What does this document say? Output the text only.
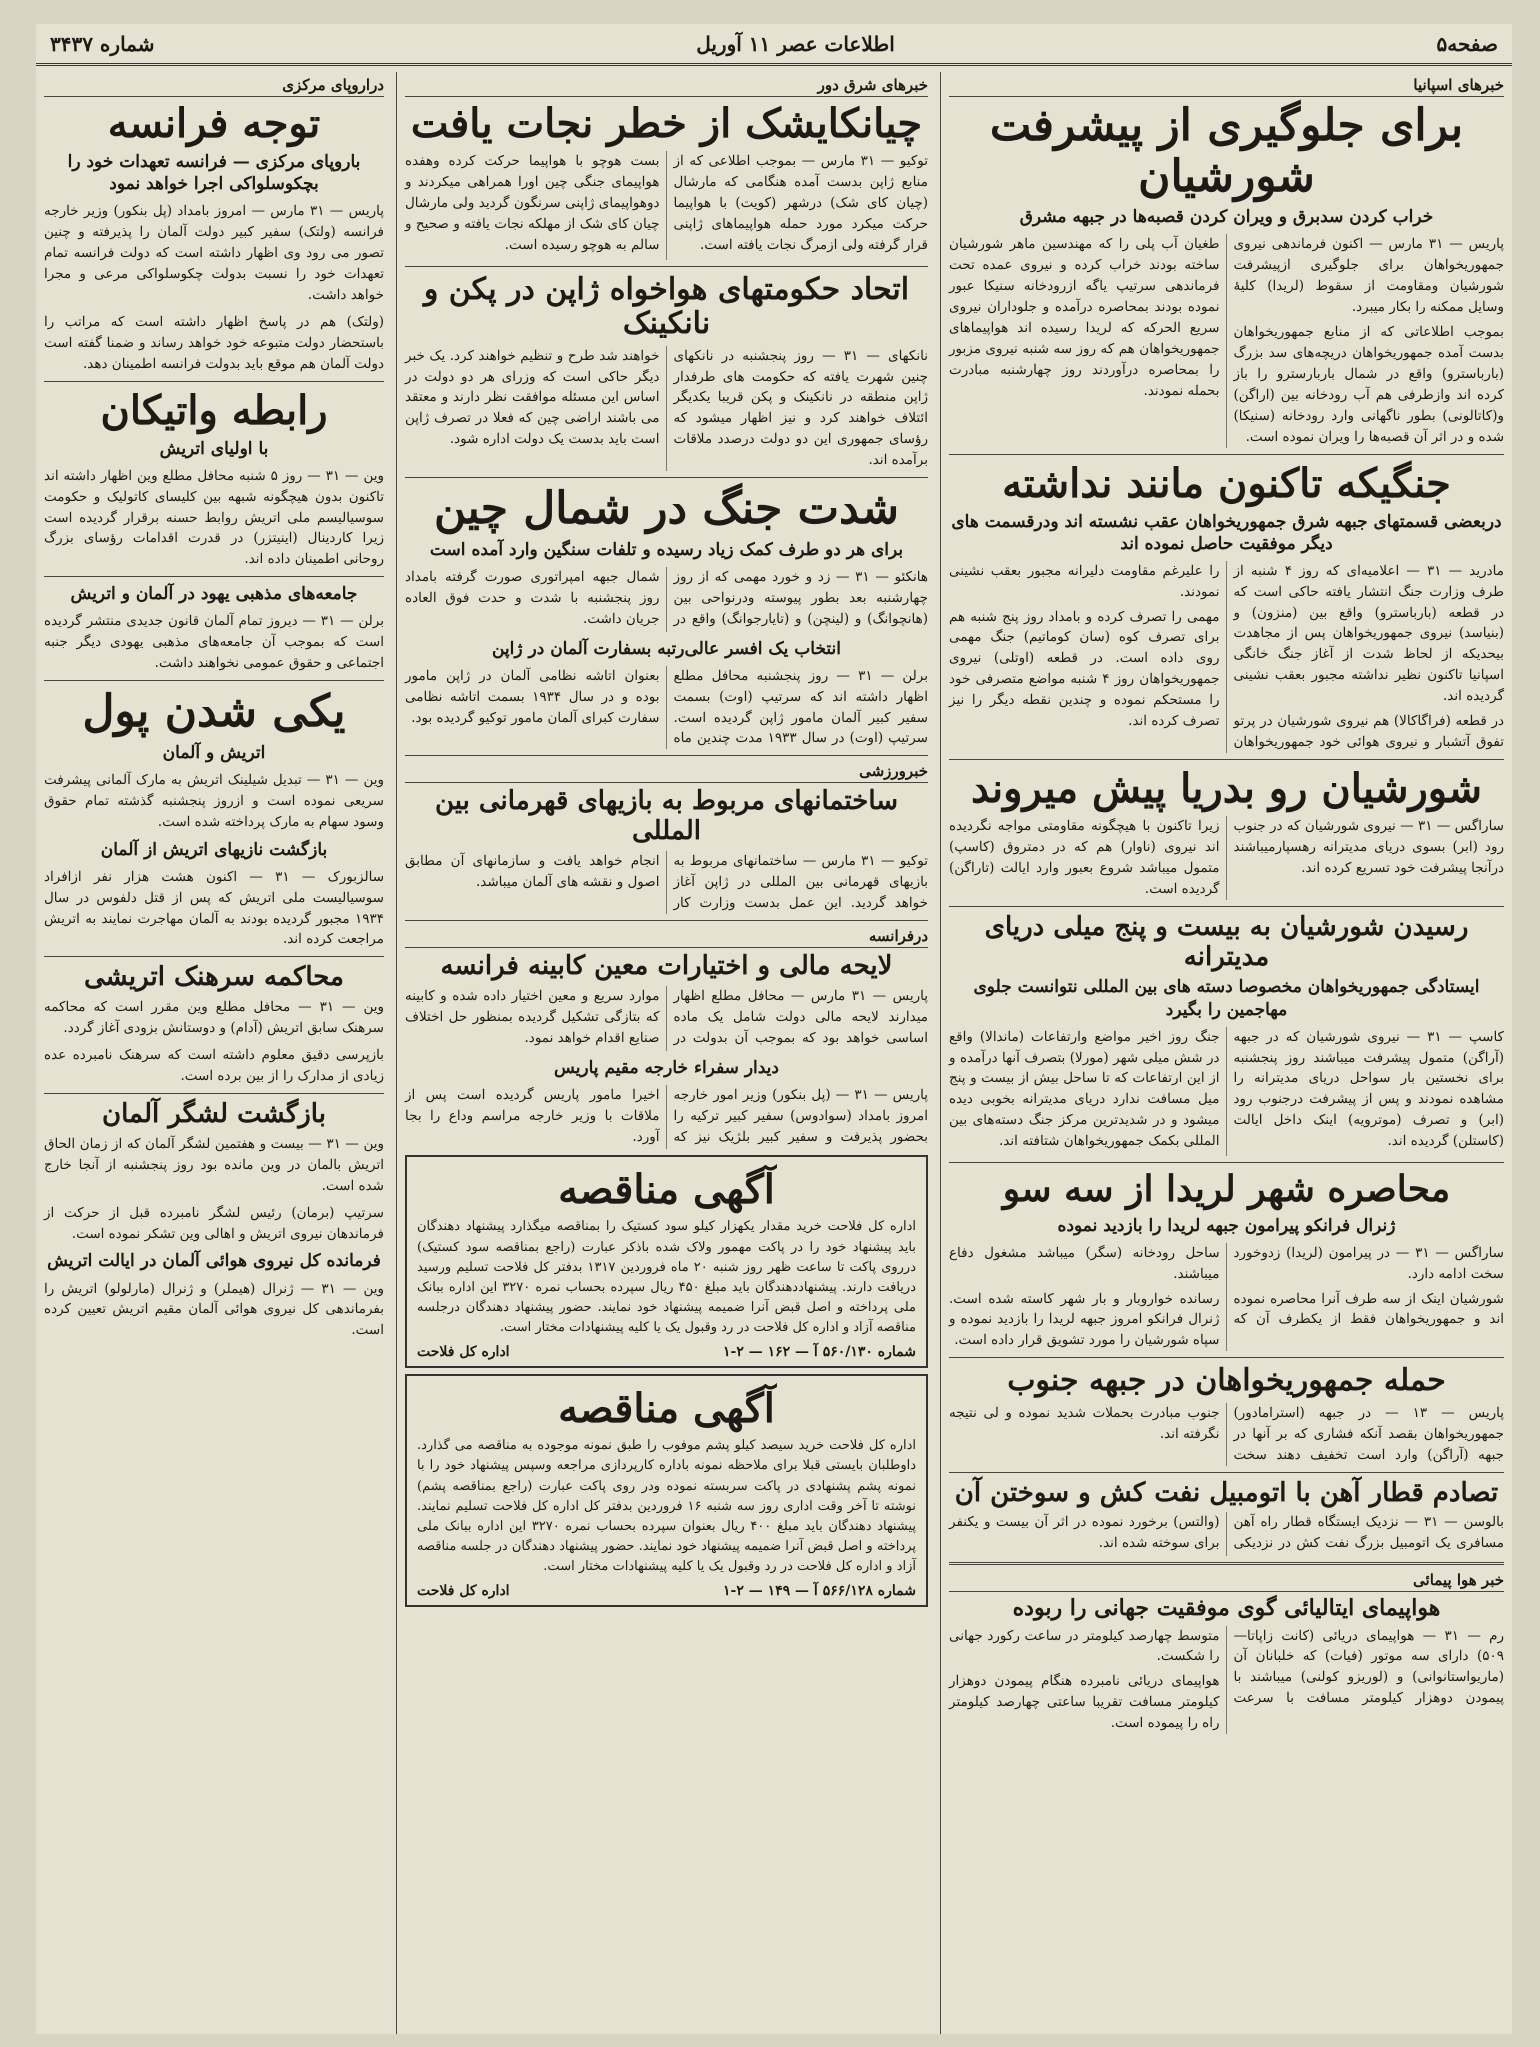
صفحه۵
اطلاعات عصر ۱۱ آوریل
شماره ۳۴۳۷
خبرهای اسپانیا
برای جلوگیری از پیشرفت شورشیان
خراب کردن سدبرق و ویران کردن قصبه‌ها در جبهه مشرق

پاریس — ۳۱ مارس — اکنون فرماندهی نیروی جمهوریخواهان برای جلوگیری ازپیشرفت شورشیان ومقاومت از سقوط (لریدا) کلیهٔ وسایل ممکنه را بکار میبرد.

بموجب اطلاعاتی که از منابع جمهوریخواهان بدست آمده جمهوریخواهان دریچه‌های سد بزرگ (بارباسترو) واقع در شمال باربارسترو را باز کرده اند وازطرفی هم آب رودخانه بین (اراگن) و(کاتالونی) بطور ناگهانی وارد رودخانه (سنیکا) شده و در اثر آن قصبه‌ها را ویران نموده است.

طغیان آب پلی را که مهندسین ماهر شورشیان ساخته بودند خراب کرده و نیروی عمده تحت فرماندهی سرتیپ یاگه ازرودخانه سنیکا عبور نموده بودند بمحاصره درآمده و جلوداران نیروی سریع الحرکه که لریدا رسیده اند هواپیماهای جمهوریخواهان هم که روز سه شنبه نیروی مزبور را بمحاصره درآوردند روز چهارشنبه مبادرت بحمله نمودند.

جنگیکه تاکنون مانند نداشته
دربعضی قسمتهای جبهه شرق جمهوریخواهان عقب نشسته اند ودرقسمت های دیگر موفقیت حاصل نموده اند

مادرید — ۳۱ — اعلامیه‌ای که روز ۴ شنبه از طرف وزارت جنگ انتشار یافته حاکی است که در قطعه (بارباسترو) واقع بین (منزون) و (بنیاسد) نیروی جمهوریخواهان پس از مجاهدت بیحدیکه از لحاظ شدت از آغاز جنگ خانگی اسپانیا تاکنون نظیر نداشته مجبور بعقب نشینی گردیده اند.

در قطعه (فراگاکالا) هم نیروی شورشیان در پرتو تفوق آتشبار و نیروی هوائی خود جمهوریخواهان را علیرغم مقاومت دلیرانه مجبور بعقب نشینی نمودند.

مهمی را تصرف کرده و بامداد روز پنج شنبه هم برای تصرف کوه (سان کوماتیم) جنگ مهمی روی داده است. در قطعه (اوتلی) نیروی جمهوریخواهان روز ۴ شنبه مواضع متصرفی خود را مستحکم نموده و چندین نقطه دیگر را نیز تصرف کرده اند.

شورشیان رو بدریا پیش میروند

ساراگس — ۳۱ — نیروی شورشیان که در جنوب رود (ابر) بسوی دریای مدیترانه رهسپارمیباشند درآنجا پیشرفت خود تسریع کرده اند.

زیرا تاکنون با هیچگونه مقاومتی مواجه نگردیده اند نیروی (ناوار) هم که در دمتروق (کاسپ) متمول میباشد شروع بعبور وارد ایالت (تاراگن) گردیده است.

رسیدن شورشیان به بیست و پنج میلی دریای مدیترانه
ایستادگی جمهوریخواهان مخصوصا دسته های بین المللی نتوانست جلوی مهاجمین را بگیرد

کاسپ — ۳۱ — نیروی شورشیان که در جبهه (آراگن) متمول پیشرفت میباشند روز پنجشنبه برای نخستین بار سواحل دریای مدیترانه را مشاهده نمودند و پس از پیشرفت درجنوب رود (ابر) و تصرف (موترویه) اینک داخل ایالت (کاستلن) گردیده اند.

جنگ روز اخیر مواضع وارتفاعات (ماندالا) واقع در شش میلی شهر (مورلا) بتصرف آنها درآمده و از این ارتفاعات که تا ساحل بیش از بیست و پنج میل مسافت ندارد دریای مدیترانه بخوبی دیده میشود و در شدیدترین مرکز جنگ دسته‌های بین المللی بکمک جمهوریخواهان شتافته اند.

محاصره شهر لریدا از سه سو
ژنرال فرانکو پیرامون جبهه لریدا را بازدید نموده

ساراگس — ۳۱ — در پیرامون (لریدا) زدوخورد سخت ادامه دارد.

شورشیان اینک از سه طرف آنرا محاصره نموده اند و جمهوریخواهان فقط از یکطرف آن که ساحل رودخانه (سگر) میباشد مشغول دفاع میباشند.

رسانده خواروبار و بار شهر کاسته شده است. ژنرال فرانکو امروز جبهه لریدا را بازدید نموده و سپاه شورشیان را مورد تشویق قرار داده است.

حمله جمهوریخواهان در جبهه جنوب

پاریس — ۱۳ — در جبهه (استرامادور) جمهوریخواهان بقصد آنکه فشاری که بر آنها در جبهه (آراگن) وارد است تخفیف دهند سخت جنوب مبادرت بحملات شدید نموده و لی نتیجه نگرفته اند.

تصادم قطار آهن با اتومبیل نفت کش و سوختن آن

بالوسن — ۳۱ — نزدیک ایستگاه قطار راه آهن مسافری یک اتومبیل بزرگ نفت کش در نزدیکی (والتس) برخورد نموده در اثر آن بیست و یکنفر برای سوخته شده اند.

خبر هوا پیمائی
هواپیمای ایتالیائی گوی موفقیت جهانی را ربوده

رم — ۳۱ — هواپیمای دریائی (کانت زاپاتا— ۵۰۹) دارای سه موتور (فیات) که خلبانان آن (ماریواستانوانی) و (لوریزو کولنی) میباشند با پیمودن دوهزار کیلومتر مسافت با سرعت متوسط چهارصد کیلومتر در ساعت رکورد جهانی را شکست.

هواپیمای دریائی نامبرده هنگام پیمودن دوهزار کیلومتر مسافت تقریبا ساعتی چهارصد کیلومتر راه را پیموده است.

خبرهای شرق دور
چیانکایشک از خطر نجات یافت

توکیو — ۳۱ مارس — بموجب اطلاعی که از منابع ژاپن بدست آمده هنگامی که مارشال (چیان کای شک) درشهر (کویت) با هواپیما حرکت میکرد مورد حمله هواپیماهای ژاپنی قرار گرفته ولی ازمرگ نجات یافته است.

بست هوچو با هواپیما حرکت کرده وهفده هواپیمای جنگی چین اورا همراهی میکردند و دوهواپیمای ژاپنی سرنگون گردید ولی مارشال چیان کای شک از مهلکه نجات یافته و صحیح و سالم به هوچو رسیده است.

اتحاد حکومتهای هواخواه ژاپن در پکن و نانکینک

نانکهای — ۳۱ — روز پنجشنبه در نانکهای چنین شهرت یافته که حکومت های طرفدار ژاپن منطقه در نانکینک و پکن قریبا یکدیگر ائتلاف خواهند کرد و نیز اظهار میشود که رؤسای جمهوری این دو دولت درصدد ملاقات برآمده اند.

خواهند شد طرح و تنظیم خواهند کرد. یک خبر دیگر حاکی است که وزرای هر دو دولت در اساس این مسئله موافقت نظر دارند و معتقد می باشند اراضی چین که فعلا در تصرف ژاپن است باید بدست یک دولت اداره شود.

شدت جنگ در شمال چین
برای هر دو طرف کمک زیاد رسیده و تلفات سنگین وارد آمده است

هانکئو — ۳۱ — زد و خورد مهمی که از روز چهارشنبه بعد بطور پیوسته ودرنواحی بین (هانچوانگ) و (لینچن) و (تایارجوانگ) واقع در شمال جبهه امپراتوری صورت گرفته بامداد روز پنجشنبه با شدت و حدت فوق العاده جریان داشت.

انتخاب یک افسر عالی‌رتبه بسفارت آلمان در ژاپن

برلن — ۳۱ — روز پنجشنبه محافل مطلع اظهار داشته اند که سرتیپ (اوت) بسمت سفیر کبیر آلمان مامور ژاپن گردیده است. سرتیپ (اوت) در سال ۱۹۳۳ مدت چندین ماه بعنوان اتاشه نظامی آلمان در ژاپن مامور بوده و در سال ۱۹۳۴ بسمت اتاشه نظامی سفارت کبرای آلمان مامور توکیو گردیده بود.

خبرورزشی
ساختمانهای مربوط به بازیهای قهرمانی بین المللی

توکیو — ۳۱ مارس — ساختمانهای مربوط به بازیهای قهرمانی بین المللی در ژاپن آغاز خواهد گردید. این عمل بدست وزارت کار انجام خواهد یافت و سازمانهای آن مطابق اصول و نقشه های آلمان میباشد.

درفرانسه
لایحه مالی و اختیارات معین کابینه فرانسه

پاریس — ۳۱ مارس — محافل مطلع اظهار میدارند لایحه مالی دولت شامل یک ماده اساسی خواهد بود که بموجب آن بدولت در موارد سریع و معین اختیار داده شده و کابینه که بتازگی تشکیل گردیده بمنظور حل اختلاف صنایع اقدام خواهد نمود.

دیدار سفراء خارجه مقیم پاریس

پاریس — ۳۱ — (پل بنکور) وزیر امور خارجه امروز بامداد (سوادوس) سفیر کبیر ترکیه را بحضور پذیرفت و سفیر کبیر بلژیک نیز که اخیرا مامور پاریس گردیده است پس از ملاقات با وزیر خارجه مراسم وداع را بجا آورد.

آگهی مناقصه

اداره کل فلاحت خرید مقدار یکهزار کیلو سود کستیک را بمناقصه میگذارد پیشنهاد دهندگان باید پیشنهاد خود را در پاکت مهمور ولاک شده باذکر عبارت (راجع بمناقصه سود کستیک) درروی پاکت تا ساعت ظهر روز شنبه ۲۰ ماه فروردین ۱۳۱۷ بدفتر کل فلاحت تسلیم ورسید دریافت دارند. پیشنهاددهندگان باید مبلغ ۴۵۰ ریال سپرده بحساب نمره ۳۲۷۰ این اداره ببانک ملی پرداخته و اصل قبض آنرا ضمیمه پیشنهاد خود نمایند. حضور پیشنهاد دهندگان درجلسه مناقصه آزاد و اداره کل فلاحت در رد وقبول یک یا کلیه پیشنهادات مختار است.

شماره ۵۶۰/۱۳۰ آ — ۱۶۲ — ۲-۱
اداره کل فلاحت
آگهی مناقصه

اداره کل فلاحت خرید سیصد کیلو پشم موفوب را طبق نمونه موجوده به مناقصه می گذارد. داوطلبان بایستی قبلا برای ملاحظه نمونه باداره کارپردازی مراجعه وسپس پیشنهاد خود را با نمونه پشم پشنهادی در پاکت سربسته نموده ودر روی پاکت عبارت (راجع بمناقصه پشم) نوشته تا آخر وقت اداری روز سه شنبه ۱۶ فروردین بدفتر کل اداره کل فلاحت تسلیم نمایند. پیشنهاد دهندگان باید مبلغ ۴۰۰ ریال بعنوان سپرده بحساب نمره ۳۲۷۰ این اداره ببانک ملی پرداخته و اصل قبض آنرا ضمیمه پیشنهاد خود نمایند. حضور پیشنهاد دهندگان در جلسه مناقصه آزاد و اداره کل فلاحت در رد وقبول یک یا کلیه پیشنهادات مختار است.

شماره ۵۶۶/۱۲۸ آ — ۱۴۹ — ۲-۱
اداره کل فلاحت
دراروپای مرکزی
توجه فرانسه
باروپای مرکزی — فرانسه تعهدات خود را بچکوسلواکی اجرا خواهد نمود

پاریس — ۳۱ مارس — امروز بامداد (پل بنکور) وزیر خارجه فرانسه (ولتک) سفیر کبیر دولت آلمان را پذیرفته و چنین تصور می رود وی اظهار داشته است که دولت فرانسه تمام تعهدات خود را نسبت بدولت چکوسلواکی مرعی و مجرا خواهد داشت.

(ولتک) هم در پاسخ اظهار داشته است که مراتب را باستحضار دولت متبوعه خود خواهد رساند و ضمنا گفته است دولت آلمان هم موقع باید بدولت فرانسه اطمینان دهد.

رابطه واتیکان
با اولیای اتریش

وین — ۳۱ — روز ۵ شنبه محافل مطلع وین اظهار داشته اند تاکنون بدون هیچگونه شبهه بین کلیسای کاتولیک و حکومت سوسیالیسم ملی اتریش روابط حسنه برقرار گردیده است زیرا کاردینال (اینیتزر) در قدرت اقدامات رؤسای بزرگ روحانی اطمینان داده اند.

جامعه‌های مذهبی یهود در آلمان و اتریش

برلن — ۳۱ — دیروز تمام آلمان قانون جدیدی منتشر گردیده است که بموجب آن جامعه‌های مذهبی یهودی دیگر جنبه اجتماعی و حقوق عمومی نخواهند داشت.

یکی شدن پول
اتریش و آلمان

وین — ۳۱ — تبدیل شیلینک اتریش به مارک آلمانی پیشرفت سریعی نموده است و ازروز پنجشنبه گذشته تمام حقوق وسود سهام به مارک پرداخته شده است.

بازگشت نازیهای اتریش از آلمان

سالزبورک — ۳۱ — اکنون هشت هزار نفر ازافراد سوسیالیست ملی اتریش که پس از قتل دلفوس در سال ۱۹۳۴ مجبور گردیده بودند به آلمان مهاجرت نمایند به اتریش مراجعت کرده اند.

محاکمه سرهنک اتریشی

وین — ۳۱ — محافل مطلع وین مقرر است که محاکمه سرهنک سابق اتریش (آدام) و دوستانش بزودی آغاز گردد.

بازپرسی دقیق معلوم داشته است که سرهنک نامبرده عده زیادی از مدارک را از بین برده است.

بازگشت لشگر آلمان

وین — ۳۱ — بیست و هفتمین لشگر آلمان که از زمان الحاق اتریش بالمان در وین مانده بود روز پنجشنبه از آنجا خارج شده است.

سرتیپ (برمان) رئیس لشگر نامبرده قبل از حرکت از فرماندهان نیروی اتریش و اهالی وین تشکر نموده است.

فرمانده کل نیروی هوائی آلمان در ایالت اتریش

وین — ۳۱ — ژنرال (هیملر) و ژنرال (مارلولو) اتریش را بفرماندهی کل نیروی هوائی آلمان مقیم اتریش تعیین کرده است.
